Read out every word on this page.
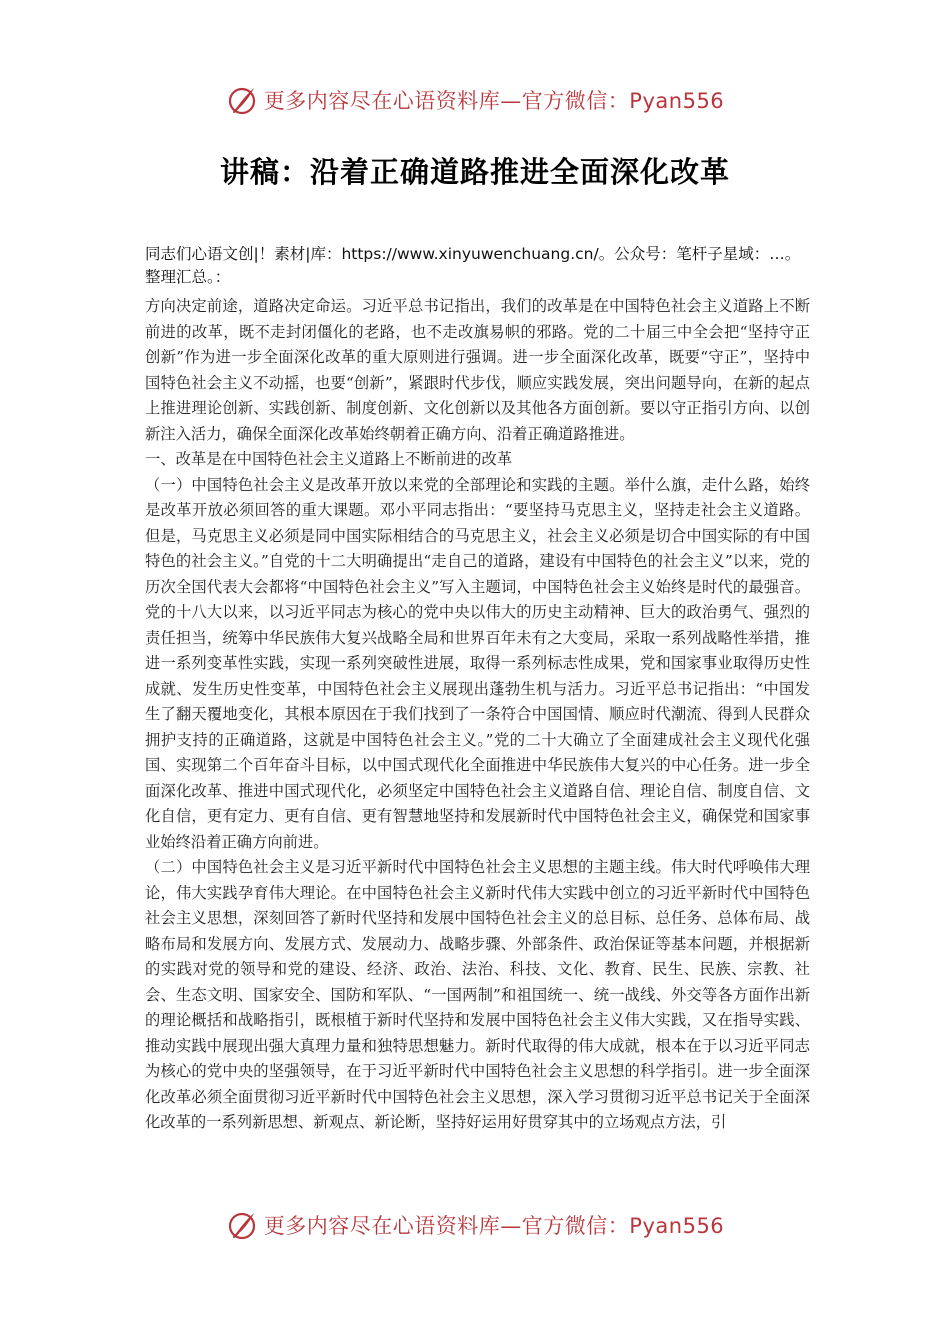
更多内容尽在心语资料库—官方微信：Pyan556
讲稿：沿着正确道路推进全面深化改革
同志们心语文创|！素材|库：https://www.xinyuwenchuang.cn/。公众号：笔杆子星域：…。整理汇总。：

方向决定前途，道路决定命运。习近平总书记指出，我们的改革是在中国特色社会主义道路上不断前进的改革，既不走封闭僵化的老路，也不走改旗易帜的邪路。党的二十届三中全会把“坚持守正创新”作为进一步全面深化改革的重大原则进行强调。进一步全面深化改革，既要“守正”，坚持中国特色社会主义不动摇，也要“创新”，紧跟时代步伐，顺应实践发展，突出问题导向，在新的起点上推进理论创新、实践创新、制度创新、文化创新以及其他各方面创新。要以守正指引方向、以创新注入活力，确保全面深化改革始终朝着正确方向、沿着正确道路推进。

一、改革是在中国特色社会主义道路上不断前进的改革

（一）中国特色社会主义是改革开放以来党的全部理论和实践的主题。举什么旗，走什么路，始终是改革开放必须回答的重大课题。邓小平同志指出：“要坚持马克思主义，坚持走社会主义道路。但是，马克思主义必须是同中国实际相结合的马克思主义，社会主义必须是切合中国实际的有中国特色的社会主义。”自党的十二大明确提出“走自己的道路，建设有中国特色的社会主义”以来，党的历次全国代表大会都将“中国特色社会主义”写入主题词，中国特色社会主义始终是时代的最强音。党的十八大以来，以习近平同志为核心的党中央以伟大的历史主动精神、巨大的政治勇气、强烈的责任担当，统筹中华民族伟大复兴战略全局和世界百年未有之大变局，采取一系列战略性举措，推进一系列变革性实践，实现一系列突破性进展，取得一系列标志性成果，党和国家事业取得历史性成就、发生历史性变革，中国特色社会主义展现出蓬勃生机与活力。习近平总书记指出：“中国发生了翻天覆地变化，其根本原因在于我们找到了一条符合中国国情、顺应时代潮流、得到人民群众拥护支持的正确道路，这就是中国特色社会主义。”党的二十大确立了全面建成社会主义现代化强国、实现第二个百年奋斗目标，以中国式现代化全面推进中华民族伟大复兴的中心任务。进一步全面深化改革、推进中国式现代化，必须坚定中国特色社会主义道路自信、理论自信、制度自信、文化自信，更有定力、更有自信、更有智慧地坚持和发展新时代中国特色社会主义，确保党和国家事业始终沿着正确方向前进。

（二）中国特色社会主义是习近平新时代中国特色社会主义思想的主题主线。伟大时代呼唤伟大理论，伟大实践孕育伟大理论。在中国特色社会主义新时代伟大实践中创立的习近平新时代中国特色社会主义思想，深刻回答了新时代坚持和发展中国特色社会主义的总目标、总任务、总体布局、战略布局和发展方向、发展方式、发展动力、战略步骤、外部条件、政治保证等基本问题，并根据新的实践对党的领导和党的建设、经济、政治、法治、科技、文化、教育、民生、民族、宗教、社会、生态文明、国家安全、国防和军队、“一国两制”和祖国统一、统一战线、外交等各方面作出新的理论概括和战略指引，既根植于新时代坚持和发展中国特色社会主义伟大实践，又在指导实践、推动实践中展现出强大真理力量和独特思想魅力。新时代取得的伟大成就，根本在于以习近平同志为核心的党中央的坚强领导，在于习近平新时代中国特色社会主义思想的科学指引。进一步全面深化改革必须全面贯彻习近平新时代中国特色社会主义思想，深入学习贯彻习近平总书记关于全面深化改革的一系列新思想、新观点、新论断，坚持好运用好贯穿其中的立场观点方法，引

更多内容尽在心语资料库—官方微信：Pyan556
